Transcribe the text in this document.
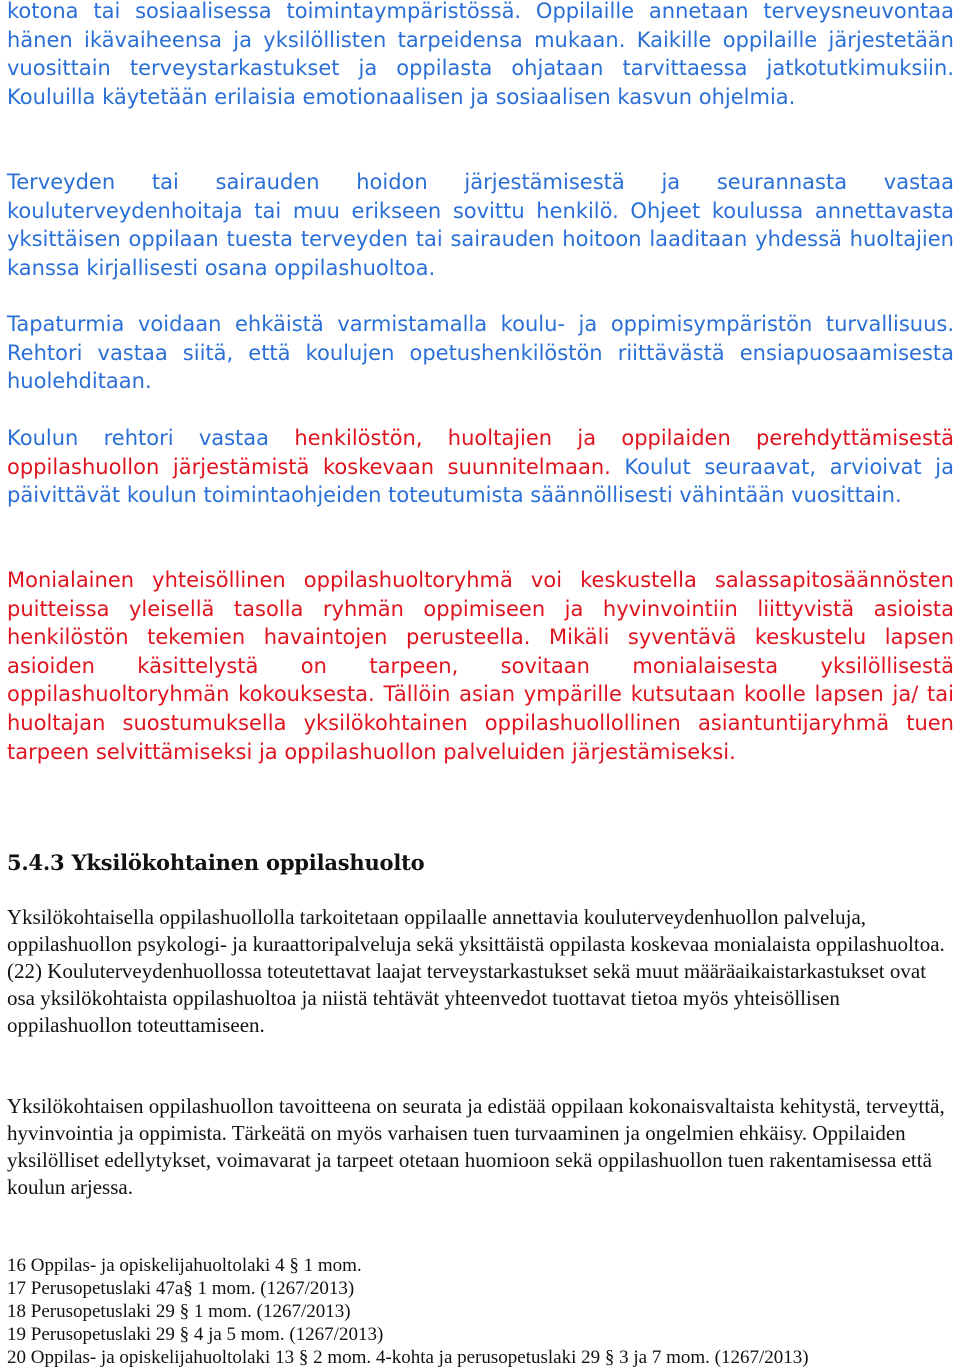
kotona tai sosiaalisessa toimintaympäristössä. Oppilaille annetaan terveysneuvontaa hänen ikävaiheensa ja yksilöllisten tarpeidensa mukaan. Kaikille oppilaille järjestetään vuosittain terveystarkastukset ja oppilasta ohjataan tarvittaessa jatkotutkimuksiin. Kouluilla käytetään erilaisia emotionaalisen ja sosiaalisen kasvun ohjelmia.

Terveyden tai sairauden hoidon järjestämisestä ja seurannasta vastaa kouluterveydenhoitaja tai muu erikseen sovittu henkilö. Ohjeet koulussa annettavasta yksittäisen oppilaan tuesta terveyden tai sairauden hoitoon laaditaan yhdessä huoltajien kanssa kirjallisesti osana oppilashuoltoa.

Tapaturmia voidaan ehkäistä varmistamalla koulu- ja oppimisympäristön turvallisuus. Rehtori vastaa siitä, että koulujen opetushenkilöstön riittävästä ensiapuosaamisesta huolehditaan.

Koulun rehtori vastaa henkilöstön, huoltajien ja oppilaiden perehdyttämisestä oppilashuollon järjestämistä koskevaan suunnitelmaan. Koulut seuraavat, arvioivat ja päivittävät koulun toimintaohjeiden toteutumista säännöllisesti vähintään vuosittain.

Monialainen yhteisöllinen oppilashuoltoryhmä voi keskustella salassapitosäännösten puitteissa yleisellä tasolla ryhmän oppimiseen ja hyvinvointiin liittyvistä asioista henkilöstön tekemien havaintojen perusteella. Mikäli syventävä keskustelu lapsen asioiden käsittelystä on tarpeen, sovitaan monialaisesta yksilöllisestä oppilashuoltoryhmän kokouksesta. Tällöin asian ympärille kutsutaan koolle lapsen ja/ tai huoltajan suostumuksella yksilökohtainen oppilashuollollinen asiantuntijaryhmä tuen tarpeen selvittämiseksi ja oppilashuollon palveluiden järjestämiseksi.

5.4.3 Yksilökohtainen oppilashuolto

Yksilökohtaisella oppilashuollolla tarkoitetaan oppilaalle annettavia kouluterveydenhuollon palveluja, oppilashuollon psykologi- ja kuraattoripalveluja sekä yksittäistä oppilasta koskevaa monialaista oppilashuoltoa.(22) Kouluterveydenhuollossa toteutettavat laajat terveystarkastukset sekä muut määräaikaistarkastukset ovat osa yksilökohtaista oppilashuoltoa ja niistä tehtävät yhteenvedot tuottavat tietoa myös yhteisöllisen oppilashuollon toteuttamiseen.

Yksilökohtaisen oppilashuollon tavoitteena on seurata ja edistää oppilaan kokonaisvaltaista kehitystä, terveyttä, hyvinvointia ja oppimista. Tärkeätä on myös varhaisen tuen turvaaminen ja ongelmien ehkäisy. Oppilaiden yksilölliset edellytykset, voimavarat ja tarpeet otetaan huomioon sekä oppilashuollon tuen rakentamisessa että koulun arjessa.

16 Oppilas- ja opiskelijahuoltolaki 4 § 1 mom.
17 Perusopetuslaki 47a§ 1 mom. (1267/2013)
18 Perusopetuslaki 29 § 1 mom. (1267/2013)
19 Perusopetuslaki 29 § 4 ja 5 mom. (1267/2013)
20 Oppilas- ja opiskelijahuoltolaki 13 § 2 mom. 4-kohta ja perusopetuslaki 29 § 3 ja 7 mom. (1267/2013)
